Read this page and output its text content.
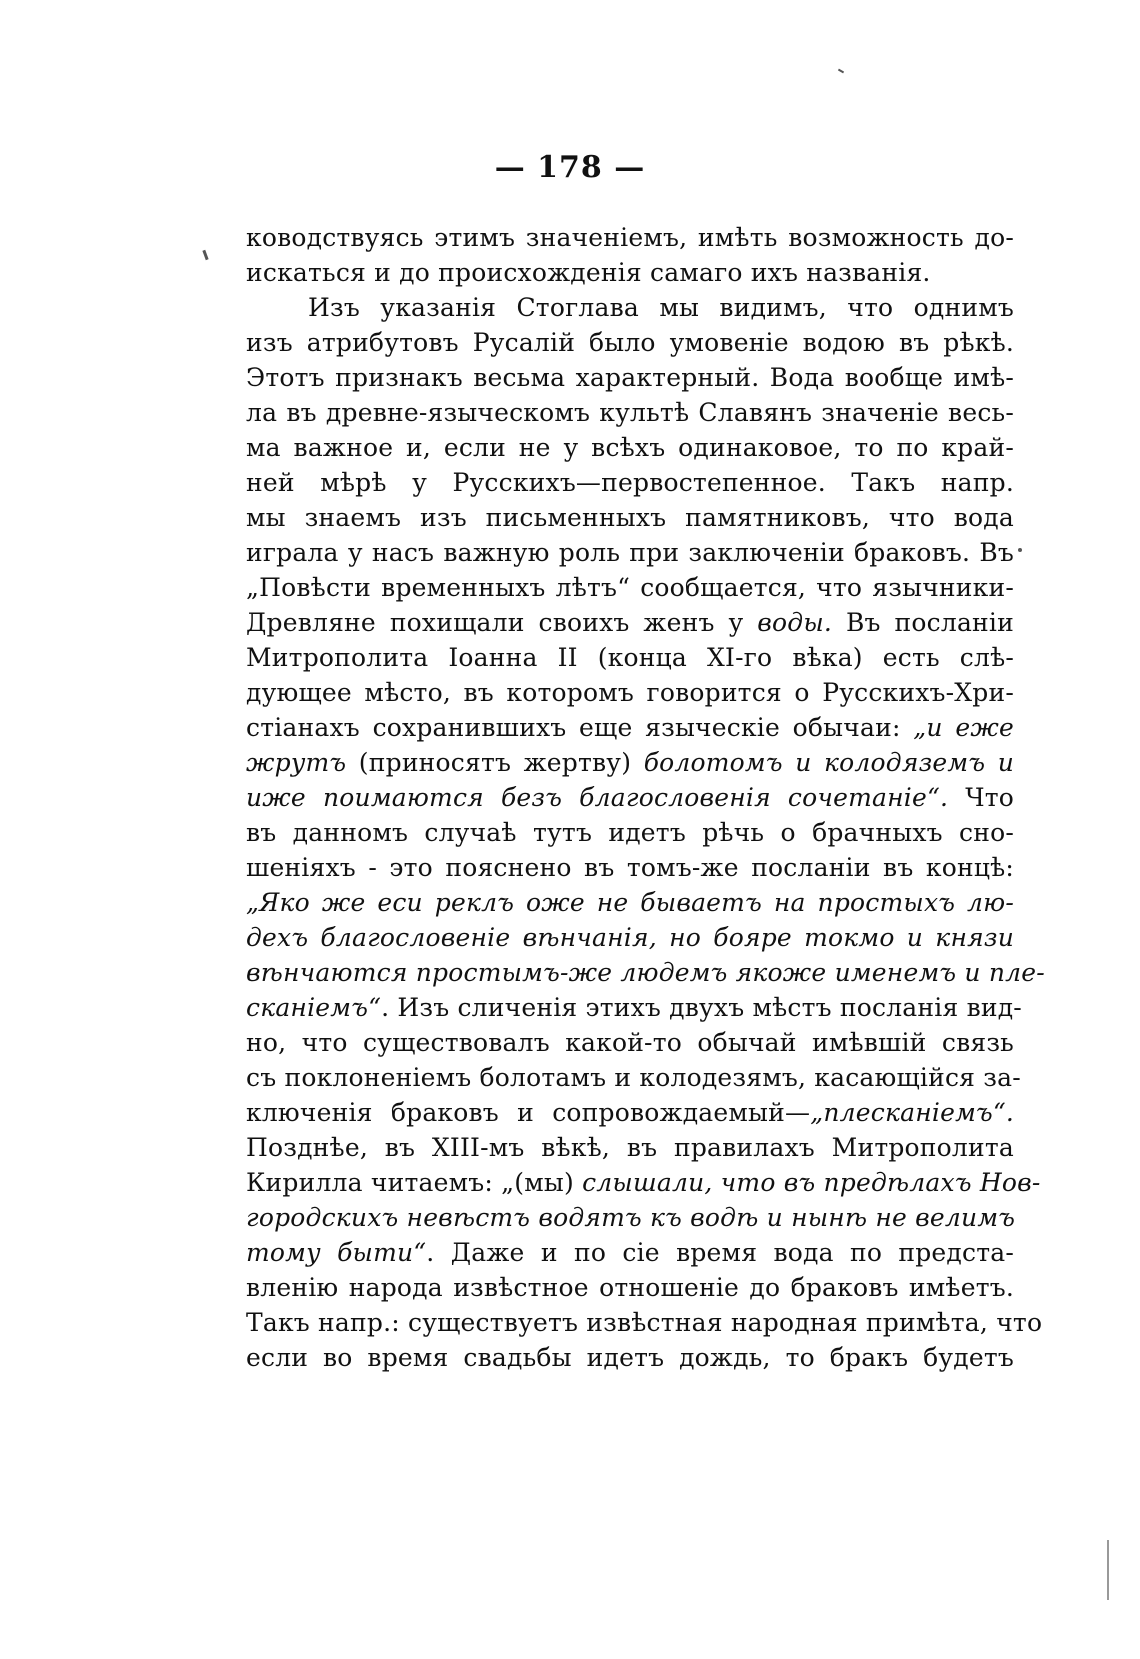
— 178 —
ководствуясь этимъ значеніемъ, имѣть возможность до-
искаться и до происхожденія самаго ихъ названія.
Изъ указанія Стоглава мы видимъ, что однимъ
изъ атрибутовъ Русалій было умовеніе водою въ рѣкѣ.
Этотъ признакъ весьма характерный. Вода вообще имѣ-
ла въ древне-языческомъ культѣ Славянъ значеніе весь-
ма важное и, если не у всѣхъ одинаковое, то по край-
ней мѣрѣ у Русскихъ—первостепенное. Такъ напр.
мы знаемъ изъ письменныхъ памятниковъ, что вода
играла у насъ важную роль при заключеніи браковъ. Въ
„Повѣсти временныхъ лѣтъ“ сообщается, что язычники-
Древляне похищали своихъ женъ у воды. Въ посланіи
Митрополита Іоанна II (конца XI-го вѣка) есть слѣ-
дующее мѣсто, въ которомъ говорится о Русскихъ-Хри-
стіанахъ сохранившихъ еще языческіе обычаи: „и еже
жрутъ (приносятъ жертву) болотомъ и колодяземъ и
иже поимаются безъ благословенія сочетаніе“. Что
въ данномъ случаѣ тутъ идетъ рѣчь о брачныхъ сно-
шеніяхъ - это пояснено въ томъ-же посланіи въ концѣ:
„Яко же еси реклъ оже не бываетъ на простыхъ лю-
дехъ благословеніе вѣнчанія, но бояре токмо и князи
вѣнчаются простымъ-же людемъ якоже именемъ и пле-
сканіемъ“. Изъ сличенія этихъ двухъ мѣстъ посланія вид-
но, что существовалъ какой-то обычай имѣвшій связь
съ поклоненіемъ болотамъ и колодезямъ, касающійся за-
ключенія браковъ и сопровождаемый—„плесканіемъ“.
Позднѣе, въ XIII-мъ вѣкѣ, въ правилахъ Митрополита
Кирилла читаемъ: „(мы) слышали, что въ предѣлахъ Нов-
городскихъ невѣстъ водятъ къ водѣ и нынѣ не велимъ
тому быти“. Даже и по сіе время вода по предста-
вленію народа извѣстное отношеніе до браковъ имѣетъ.
Такъ напр.: существуетъ извѣстная народная примѣта, что
если во время свадьбы идетъ дождь, то бракъ будетъ
